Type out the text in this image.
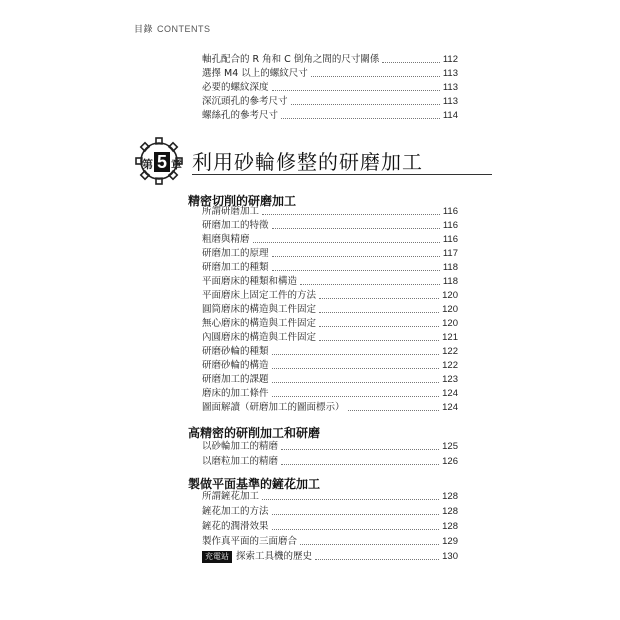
目錄 CONTENTS
軸孔配合的 R 角和 C 倒角之間的尺寸關係	112
選擇 M4 以上的螺紋尺寸	113
必要的螺紋深度	113
深沉頭孔的參考尺寸	113
螺絲孔的參考尺寸	114
第 5 章 利用砂輪修整的研磨加工
精密切削的研磨加工
所謂研磨加工	116
研磨加工的特徵	116
粗磨與精磨	116
研磨加工的原理	117
研磨加工的種類	118
平面磨床的種類和構造	118
平面磨床上固定工件的方法	120
圓筒磨床的構造與工件固定	120
無心磨床的構造與工件固定	120
內圓磨床的構造與工件固定	121
研磨砂輪的種類	122
研磨砂輪的構造	122
研磨加工的課題	123
磨床的加工條件	124
圖面解讀（研磨加工的圖面標示）	124
高精密的研削加工和研磨
以砂輪加工的精磨	125
以磨粒加工的精磨	126
製做平面基準的鏟花加工
所謂鏟花加工	128
鏟花加工的方法	128
鏟花的潤滑效果	128
製作真平面的三面磨合	129
充電站 探索工具機的歷史	130
